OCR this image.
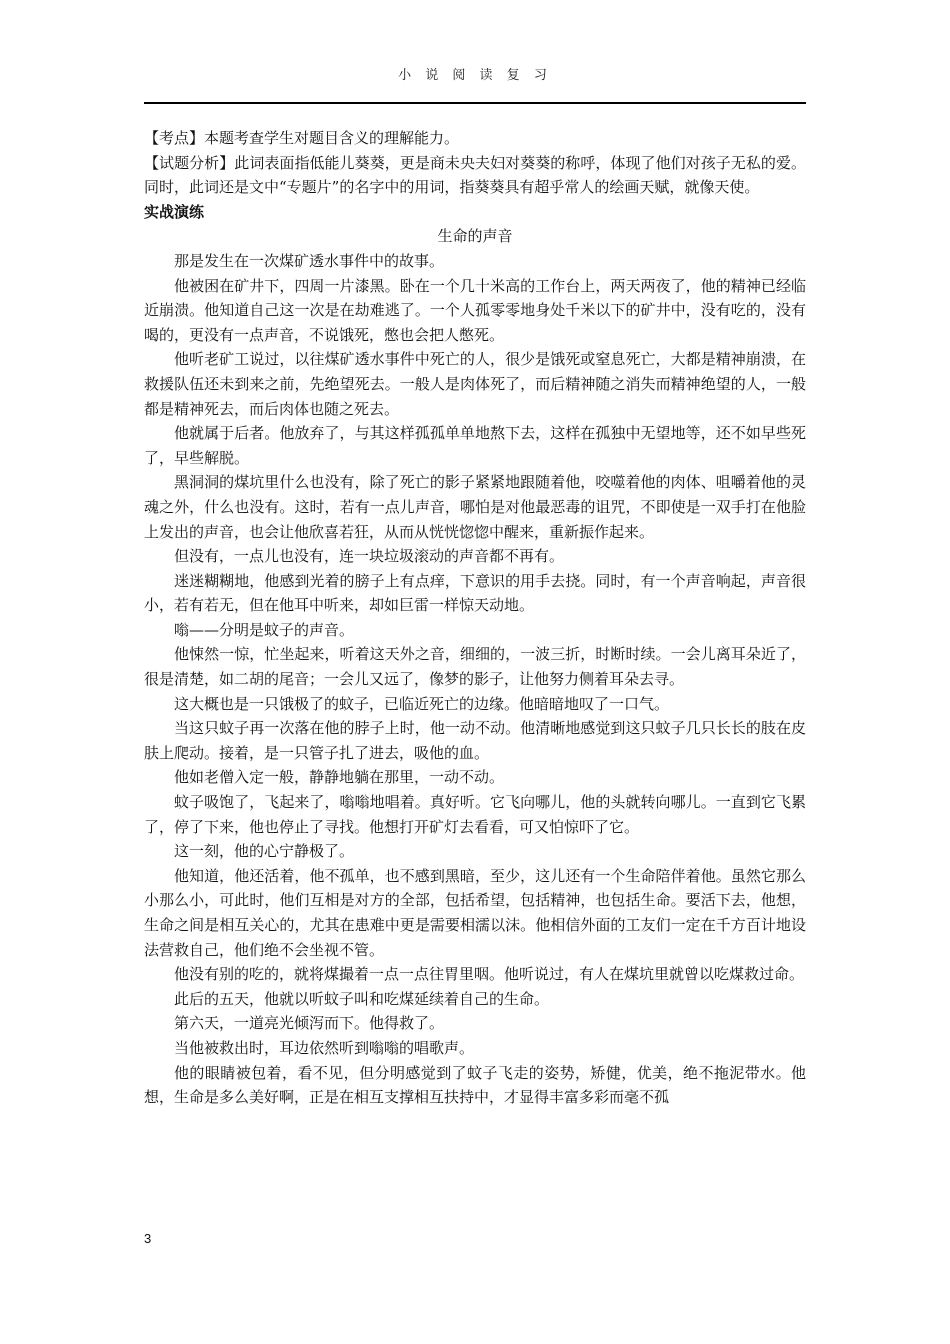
小 说 阅 读 复 习

【考点】本题考查学生对题目含义的理解能力。

【试题分析】此词表面指低能儿葵葵，更是商未央夫妇对葵葵的称呼，体现了他们对孩子无私的爱。同时，此词还是文中“专题片”的名字中的用词，指葵葵具有超乎常人的绘画天赋，就像天使。

实战演练

生命的声音

那是发生在一次煤矿透水事件中的故事。

他被困在矿井下，四周一片漆黑。卧在一个几十米高的工作台上，两天两夜了，他的精神已经临近崩溃。他知道自己这一次是在劫难逃了。一个人孤零零地身处千米以下的矿井中，没有吃的，没有喝的，更没有一点声音，不说饿死，憋也会把人憋死。

他听老矿工说过，以往煤矿透水事件中死亡的人，很少是饿死或窒息死亡，大都是精神崩溃，在救援队伍还未到来之前，先绝望死去。一般人是肉体死了，而后精神随之消失而精神绝望的人，一般都是精神死去，而后肉体也随之死去。

他就属于后者。他放弃了，与其这样孤孤单单地熬下去，这样在孤独中无望地等，还不如早些死了，早些解脱。

黑洞洞的煤坑里什么也没有，除了死亡的影子紧紧地跟随着他，咬噬着他的肉体、咀嚼着他的灵魂之外，什么也没有。这时，若有一点儿声音，哪怕是对他最恶毒的诅咒，不即使是一双手打在他脸上发出的声音，也会让他欣喜若狂，从而从恍恍惚惚中醒来，重新振作起来。

但没有，一点儿也没有，连一块垃圾滚动的声音都不再有。

迷迷糊糊地，他感到光着的膀子上有点痒，下意识的用手去挠。同时，有一个声音响起，声音很小，若有若无，但在他耳中听来，却如巨雷一样惊天动地。

嗡——分明是蚊子的声音。

他悚然一惊，忙坐起来，听着这天外之音，细细的，一波三折，时断时续。一会儿离耳朵近了，很是清楚，如二胡的尾音；一会儿又远了，像梦的影子，让他努力侧着耳朵去寻。

这大概也是一只饿极了的蚊子，已临近死亡的边缘。他暗暗地叹了一口气。

当这只蚊子再一次落在他的脖子上时，他一动不动。他清晰地感觉到这只蚊子几只长长的肢在皮肤上爬动。接着，是一只管子扎了进去，吸他的血。

他如老僧入定一般，静静地躺在那里，一动不动。

蚊子吸饱了，飞起来了，嗡嗡地唱着。真好听。它飞向哪儿，他的头就转向哪儿。一直到它飞累了，停了下来，他也停止了寻找。他想打开矿灯去看看，可又怕惊吓了它。

这一刻，他的心宁静极了。

他知道，他还活着，他不孤单，也不感到黑暗，至少，这儿还有一个生命陪伴着他。虽然它那么小那么小，可此时，他们互相是对方的全部，包括希望，包括精神，也包括生命。要活下去，他想，生命之间是相互关心的，尤其在患难中更是需要相濡以沫。他相信外面的工友们一定在千方百计地设法营救自己，他们绝不会坐视不管。

他没有别的吃的，就将煤撮着一点一点往胃里咽。他听说过，有人在煤坑里就曾以吃煤救过命。

此后的五天，他就以听蚊子叫和吃煤延续着自己的生命。

第六天，一道亮光倾泻而下。他得救了。

当他被救出时，耳边依然听到嗡嗡的唱歌声。

他的眼睛被包着，看不见，但分明感觉到了蚊子飞走的姿势，矫健，优美，绝不拖泥带水。他想，生命是多么美好啊，正是在相互支撑相互扶持中，才显得丰富多彩而毫不孤

3
